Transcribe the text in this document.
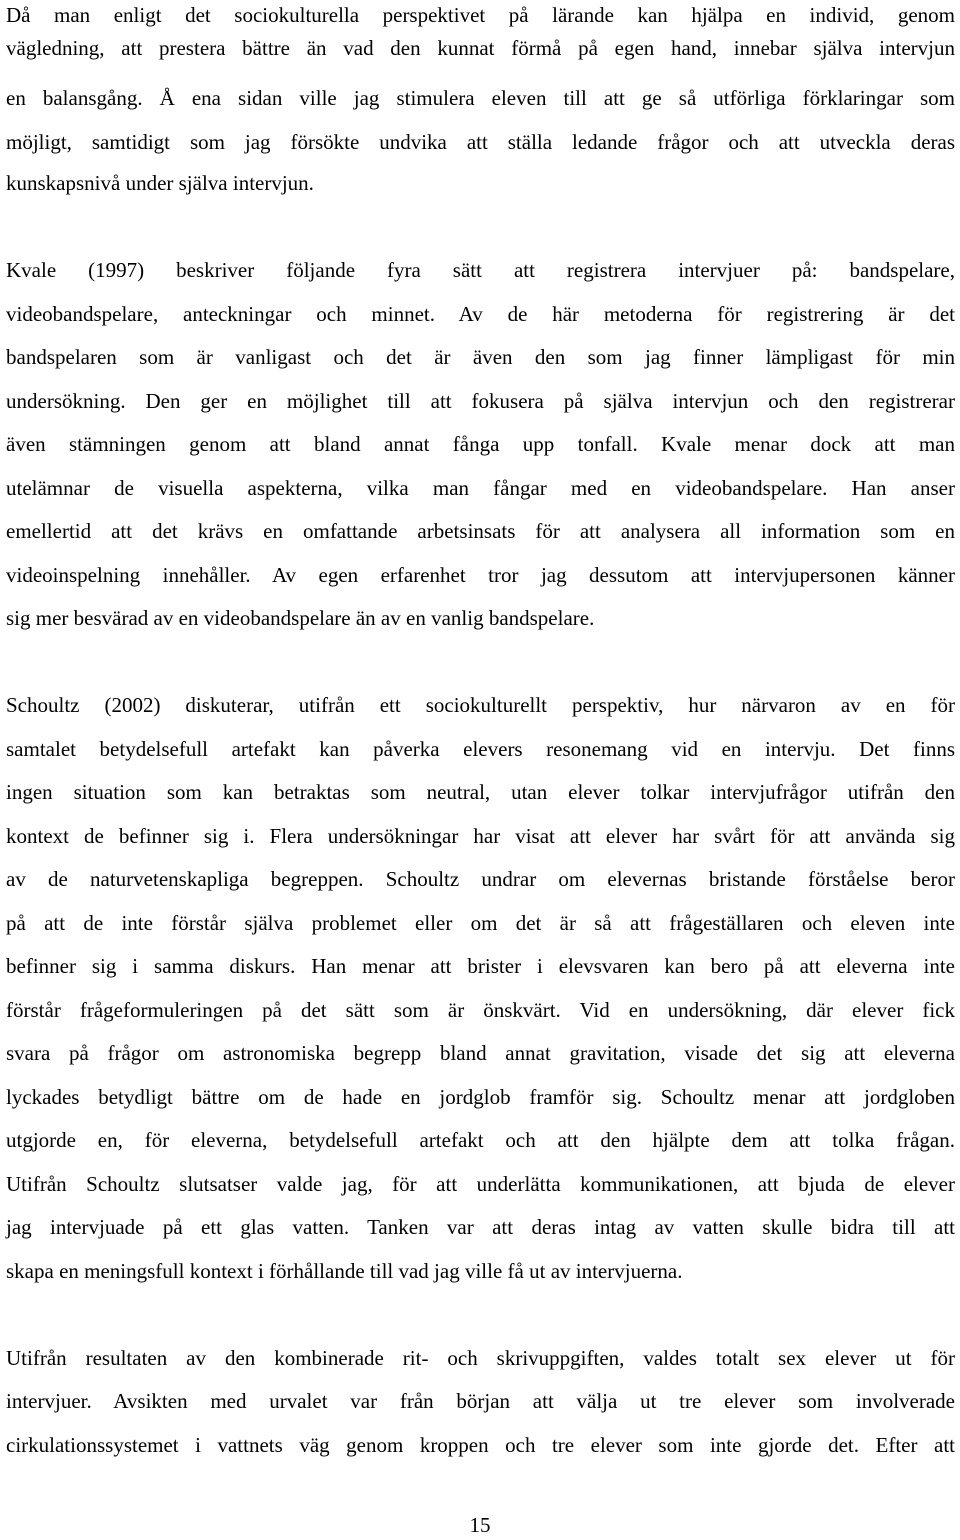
Då man enligt det sociokulturella perspektivet på lärande kan hjälpa en individ, genom
vägledning, att prestera bättre än vad den kunnat förmå på egen hand, innebar själva intervjun
en balansgång. Å ena sidan ville jag stimulera eleven till att ge så utförliga förklaringar som
möjligt, samtidigt som jag försökte undvika att ställa ledande frågor och att utveckla deras
kunskapsnivå under själva intervjun.
Kvale (1997) beskriver följande fyra sätt att registrera intervjuer på: bandspelare,
videobandspelare, anteckningar och minnet. Av de här metoderna för registrering är det
bandspelaren som är vanligast och det är även den som jag finner lämpligast för min
undersökning. Den ger en möjlighet till att fokusera på själva intervjun och den registrerar
även stämningen genom att bland annat fånga upp tonfall. Kvale menar dock att man
utelämnar de visuella aspekterna, vilka man fångar med en videobandspelare. Han anser
emellertid att det krävs en omfattande arbetsinsats för att analysera all information som en
videoinspelning innehåller. Av egen erfarenhet tror jag dessutom att intervjupersonen känner
sig mer besvärad av en videobandspelare än av en vanlig bandspelare.
Schoultz (2002) diskuterar, utifrån ett sociokulturellt perspektiv, hur närvaron av en för
samtalet betydelsefull artefakt kan påverka elevers resonemang vid en intervju. Det finns
ingen situation som kan betraktas som neutral, utan elever tolkar intervjufrågor utifrån den
kontext de befinner sig i. Flera undersökningar har visat att elever har svårt för att använda sig
av de naturvetenskapliga begreppen. Schoultz undrar om elevernas bristande förståelse beror
på att de inte förstår själva problemet eller om det är så att frågeställaren och eleven inte
befinner sig i samma diskurs. Han menar att brister i elevsvaren kan bero på att eleverna inte
förstår frågeformuleringen på det sätt som är önskvärt. Vid en undersökning, där elever fick
svara på frågor om astronomiska begrepp bland annat gravitation, visade det sig att eleverna
lyckades betydligt bättre om de hade en jordglob framför sig. Schoultz menar att jordgloben
utgjorde en, för eleverna, betydelsefull artefakt och att den hjälpte dem att tolka frågan.
Utifrån Schoultz slutsatser valde jag, för att underlätta kommunikationen, att bjuda de elever
jag intervjuade på ett glas vatten. Tanken var att deras intag av vatten skulle bidra till att
skapa en meningsfull kontext i förhållande till vad jag ville få ut av intervjuerna.
Utifrån resultaten av den kombinerade rit- och skrivuppgiften, valdes totalt sex elever ut för
intervjuer. Avsikten med urvalet var från början att välja ut tre elever som involverade
cirkulationssystemet i vattnets väg genom kroppen och tre elever som inte gjorde det. Efter att
15
